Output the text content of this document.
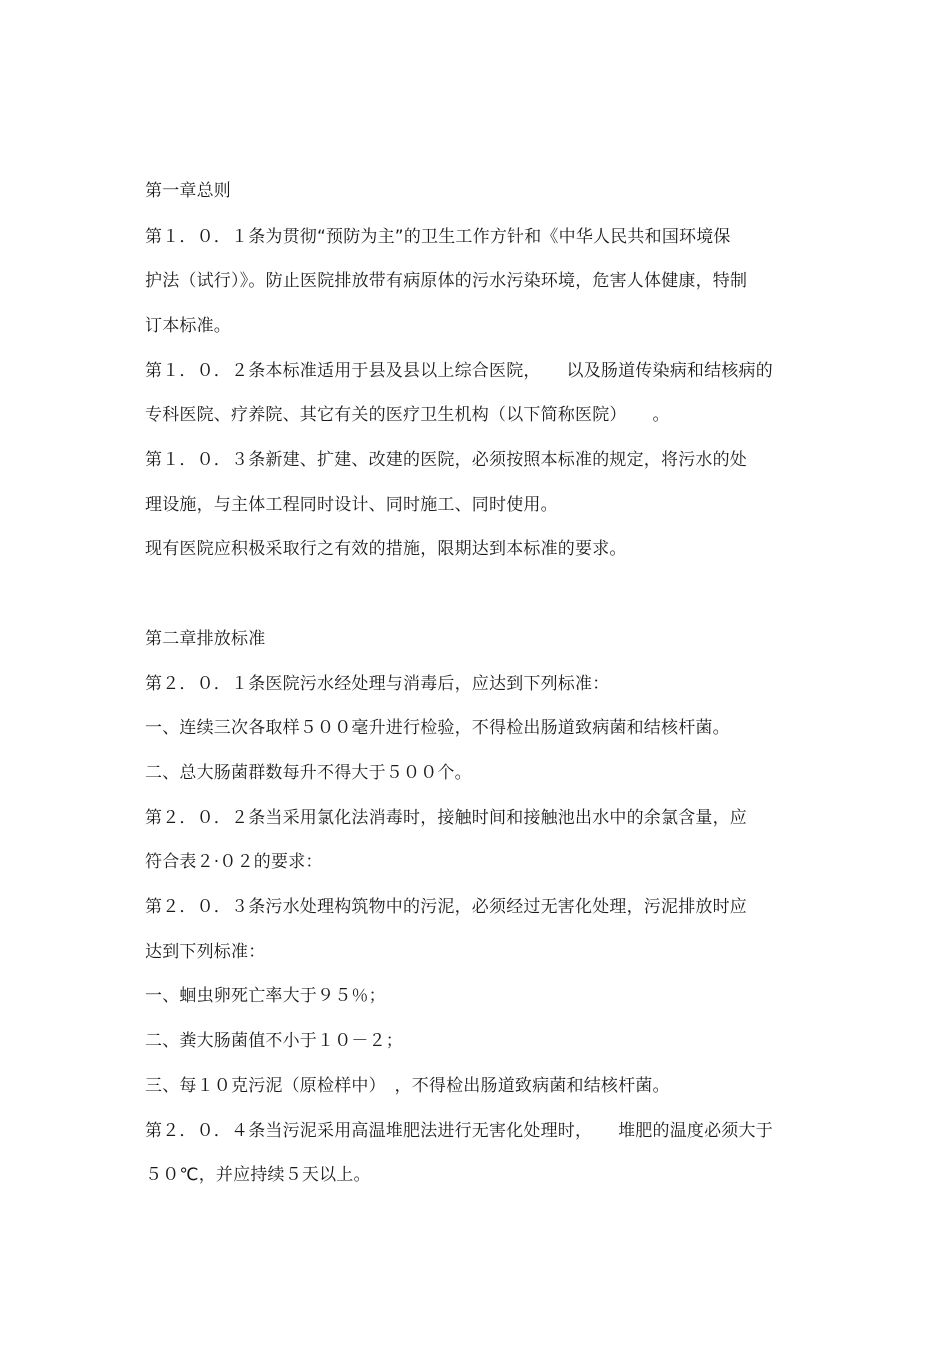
第一章总则
第１．０．１条为贯彻“预防为主”的卫生工作方针和《中华人民共和国环境保
护法（试行）》。防止医院排放带有病原体的污水污染环境，危害人体健康，特制
订本标准。
第１．０．２条本标准适用于县及县以上综合医院，　　以及肠道传染病和结核病的
专科医院、疗养院、其它有关的医疗卫生机构（以下简称医院）　　。
第１．０．３条新建、扩建、改建的医院，必须按照本标准的规定，将污水的处
理设施，与主体工程同时设计、同时施工、同时使用。
现有医院应积极采取行之有效的措施，限期达到本标准的要求。
第二章排放标准
第２．０．１条医院污水经处理与消毒后，应达到下列标准：
一、连续三次各取样５００毫升进行检验，不得检出肠道致病菌和结核杆菌。
二、总大肠菌群数每升不得大于５００个。
第２．０．２条当采用氯化法消毒时，接触时间和接触池出水中的余氯含量，应
符合表２·０２的要求：
第２．０．３条污水处理构筑物中的污泥，必须经过无害化处理，污泥排放时应
达到下列标准：
一、蛔虫卵死亡率大于９５％；
二、粪大肠菌值不小于１０－２；
三、每１０克污泥（原检样中）　，不得检出肠道致病菌和结核杆菌。
第２．０．４条当污泥采用高温堆肥法进行无害化处理时，　　堆肥的温度必须大于
５０℃，并应持续５天以上。
